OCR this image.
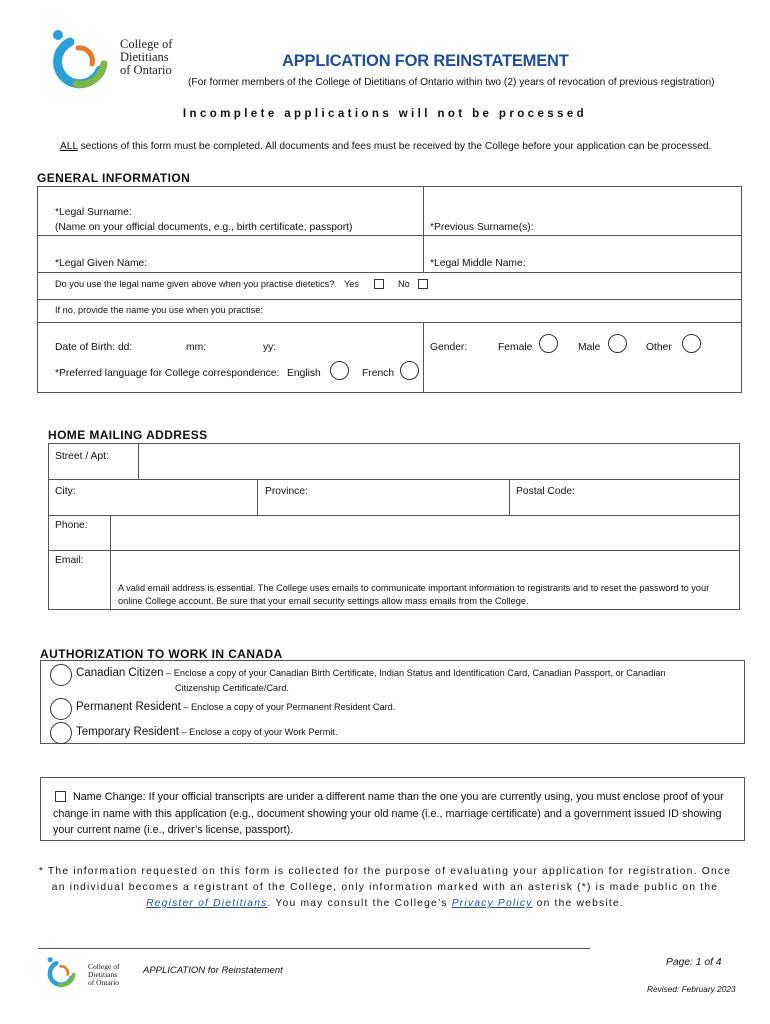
College of
Dietitians
of Ontario	APPLICATION FOR REINSTATEMENT
(For former members of the College of Dietitians of Ontario within two (2) years of revocation of previous registration)
Incomplete applications will not be processed
ALL sections of this form must be completed. All documents and fees must be received by the College before your application can be processed.
GENERAL INFORMATION
*Legal Surname:
(Name on your official documents, e.g., birth certificate, passport)	*Previous Surname(s):
*Legal Given Name:	*Legal Middle Name:
Do you use the legal name given above when you practise dietetics? Yes	No
If no, provide the name you use when you practise:
Date of Birth: dd:	mm:	yy:	Gender:	Female	Male	Other
*Preferred language for College correspondence: English	French
HOME MAILING ADDRESS
Street / Apt:
City:	Province:	Postal Code:
Phone:
Email:
A valid email address is essential. The College uses emails to communicate important information to registrants and to reset the password to your online College account. Be sure that your email security settings allow mass emails from the College.
AUTHORIZATION TO WORK IN CANADA
Canadian Citizen – Enclose a copy of your Canadian Birth Certificate, Indian Status and Identification Card, Canadian Passport, or Canadian
Citizenship Certificate/Card.
Permanent Resident – Enclose a copy of your Permanent Resident Card.
Temporary Resident – Enclose a copy of your Work Permit.
Name Change: If your official transcripts are under a different name than the one you are currently using, you must enclose proof of your change in name with this application (e.g., document showing your old name (i.e., marriage certificate) and a government issued ID showing your current name (i.e., driver’s license, passport).
* The information requested on this form is collected for the purpose of evaluating your application for registration. Once an individual becomes a registrant of the College, only information marked with an asterisk (*) is made public on the Register of Dietitians. You may consult the College’s Privacy Policy on the website.
College of
Dietitians
of Ontario
APPLICATION for Reinstatement
Page: 1 of 4
Revised: February 2023
